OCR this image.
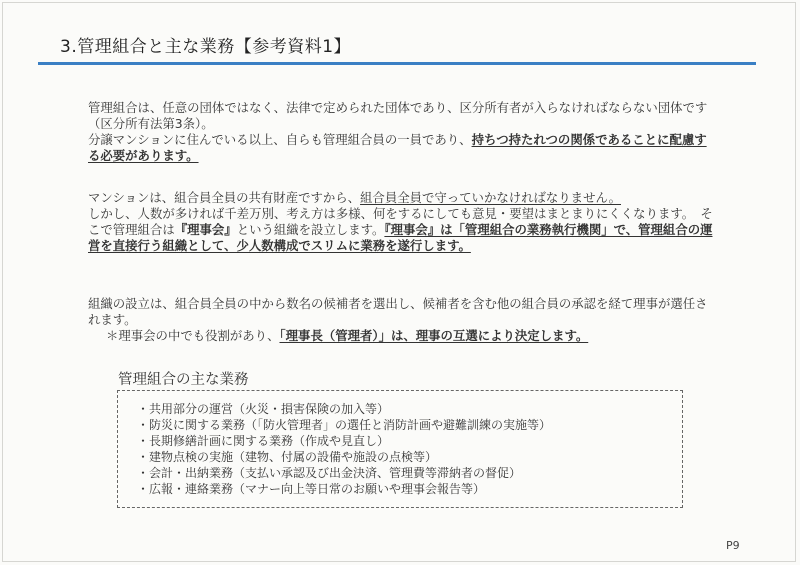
3.管理組合と主な業務【参考資料1】
管理組合は、任意の団体ではなく、法律で定められた団体であり、区分所有者が入らなければならない団体です（区分所有法第3条）。
分譲マンションに住んでいる以上、自らも管理組合員の一員であり、持ちつ持たれつの関係であることに配慮する必要があります。
マンションは、組合員全員の共有財産ですから、組合員全員で守っていかなければなりません。
しかし、人数が多ければ千差万別、考え方は多様、何をするにしても意見・要望はまとまりにくくなります。　そこで管理組合は『理事会』という組織を設立します。『理事会』は「管理組合の業務執行機関」で、管理組合の運営を直接行う組織として、少人数構成でスリムに業務を遂行します。
組織の設立は、組合員全員の中から数名の候補者を選出し、候補者を含む他の組合員の承認を経て理事が選任されます。
＊理事会の中でも役割があり、「理事長（管理者）」は、理事の互選により決定します。
管理組合の主な業務
・共用部分の運営（火災・損害保険の加入等）
・防災に関する業務（「防火管理者」の選任と消防計画や避難訓練の実施等）
・長期修繕計画に関する業務（作成や見直し）
・建物点検の実施（建物、付属の設備や施設の点検等）
・会計・出納業務（支払い承認及び出金決済、管理費等滞納者の督促）
・広報・連絡業務（マナー向上等日常のお願いや理事会報告等）
P9
